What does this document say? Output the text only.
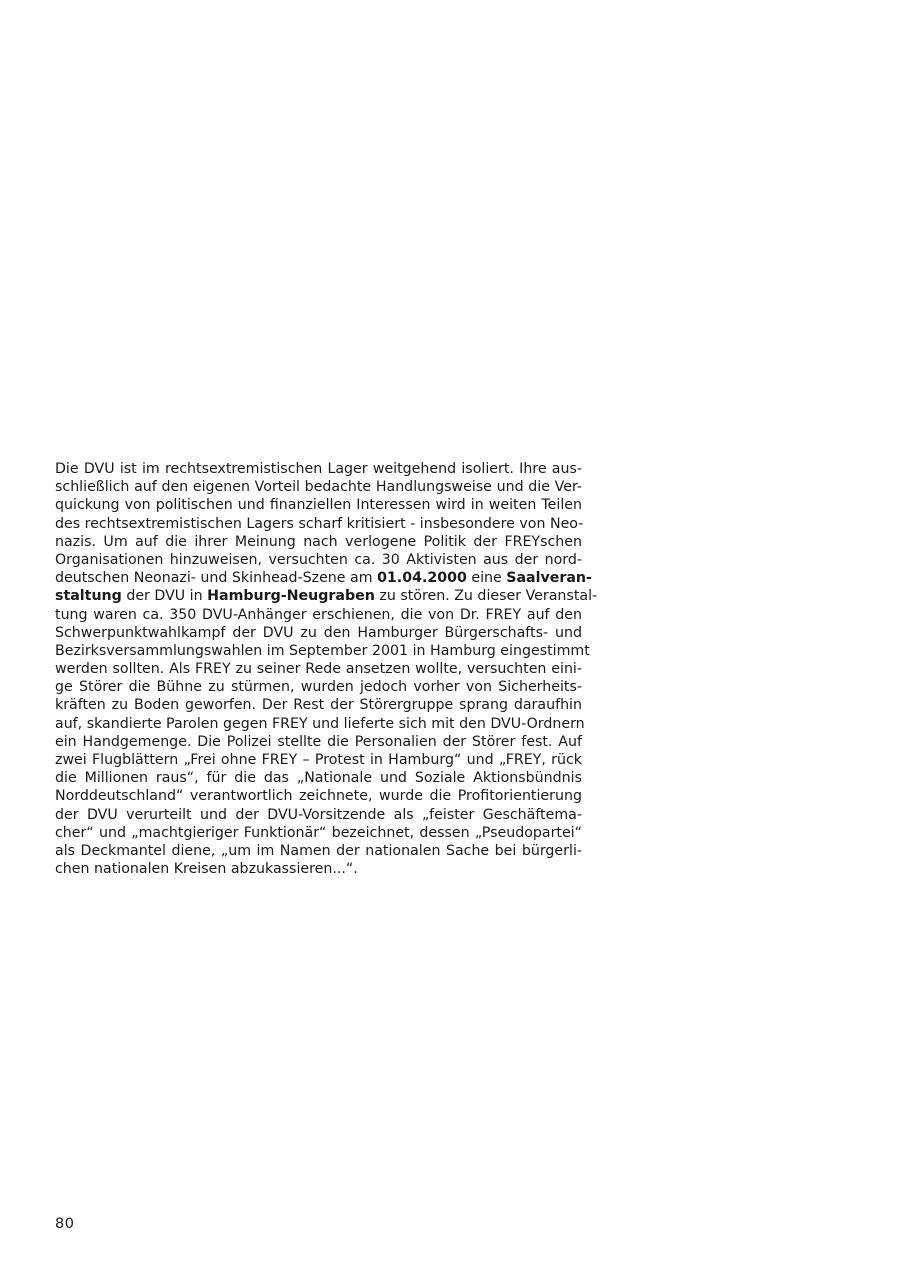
Die DVU ist im rechtsextremistischen Lager weitgehend isoliert. Ihre aus-
schließlich auf den eigenen Vorteil bedachte Handlungsweise und die Ver-
quickung von politischen und finanziellen Interessen wird in weiten Teilen
des rechtsextremistischen Lagers scharf kritisiert - insbesondere von Neo-
nazis. Um auf die ihrer Meinung nach verlogene Politik der FREYschen
Organisationen hinzuweisen, versuchten ca. 30 Aktivisten aus der nord-
deutschen Neonazi- und Skinhead-Szene am 01.04.2000 eine Saalveran-
staltung der DVU in Hamburg-Neugraben zu stören. Zu dieser Veranstal-
tung waren ca. 350 DVU-Anhänger erschienen, die von Dr. FREY auf den
Schwerpunktwahlkampf der DVU zu den Hamburger Bürgerschafts- und
Bezirksversammlungswahlen im September 2001 in Hamburg eingestimmt
werden sollten. Als FREY zu seiner Rede ansetzen wollte, versuchten eini-
ge Störer die Bühne zu stürmen, wurden jedoch vorher von Sicherheits-
kräften zu Boden geworfen. Der Rest der Störergruppe sprang daraufhin
auf, skandierte Parolen gegen FREY und lieferte sich mit den DVU-Ordnern
ein Handgemenge. Die Polizei stellte die Personalien der Störer fest. Auf
zwei Flugblättern „Frei ohne FREY – Protest in Hamburg“ und „FREY, rück
die Millionen raus“, für die das „Nationale und Soziale Aktionsbündnis
Norddeutschland“ verantwortlich zeichnete, wurde die Profitorientierung
der DVU verurteilt und der DVU-Vorsitzende als „feister Geschäftema-
cher“ und „machtgieriger Funktionär“ bezeichnet, dessen „Pseudopartei“
als Deckmantel diene, „um im Namen der nationalen Sache bei bürgerli-
chen nationalen Kreisen abzukassieren...“.
80
